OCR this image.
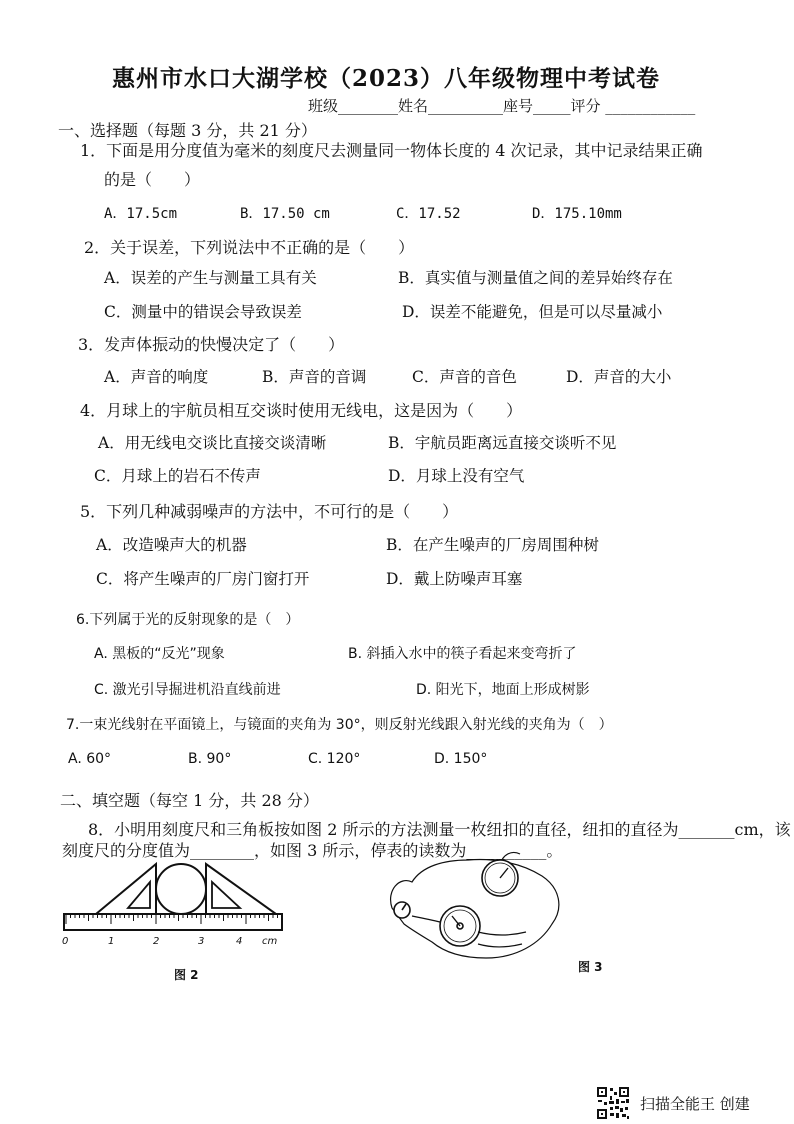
惠州市水口大湖学校（2023）八年级物理中考试卷
班级________姓名__________座号_____评分 ____________
一、选择题（每题 3 分，共 21 分）
1．下面是用分度值为毫米的刻度尺去测量同一物体长度的 4 次记录，其中记录结果正确
的是（　　）
A．17.5cm	B．17.50 cm	C．17.52	D．175.10mm
2．关于误差，下列说法中不正确的是（　　）
A．误差的产生与测量工具有关	B．真实值与测量值之间的差异始终存在
C．测量中的错误会导致误差	D．误差不能避免，但是可以尽量减小
3．发声体振动的快慢决定了（　　）
A．声音的响度	B．声音的音调	C．声音的音色	D．声音的大小
4．月球上的宇航员相互交谈时使用无线电，这是因为（　　）
A．用无线电交谈比直接交谈清晰	B．宇航员距离远直接交谈听不见
C．月球上的岩石不传声	D．月球上没有空气
5．下列几种减弱噪声的方法中，不可行的是（　　）
A．改造噪声大的机器	B．在产生噪声的厂房周围种树
C．将产生噪声的厂房门窗打开	D．戴上防噪声耳塞
6.下列属于光的反射现象的是（　）
A. 黑板的“反光”现象	B. 斜插入水中的筷子看起来变弯折了
C. 激光引导掘进机沿直线前进	D. 阳光下，地面上形成树影
7.一束光线射在平面镜上，与镜面的夹角为 30°，则反射光线跟入射光线的夹角为（　）
A. 60°	B. 90°	C. 120°	D. 150°
二、填空题（每空 1 分，共 28 分）
8．小明用刻度尺和三角板按如图 2 所示的方法测量一枚纽扣的直径，纽扣的直径为_______cm，该
刻度尺的分度值为________，如图 3 所示，停表的读数为__________。
0	1	2	3	4 cm
图 2
图 3
扫描全能王 创建
